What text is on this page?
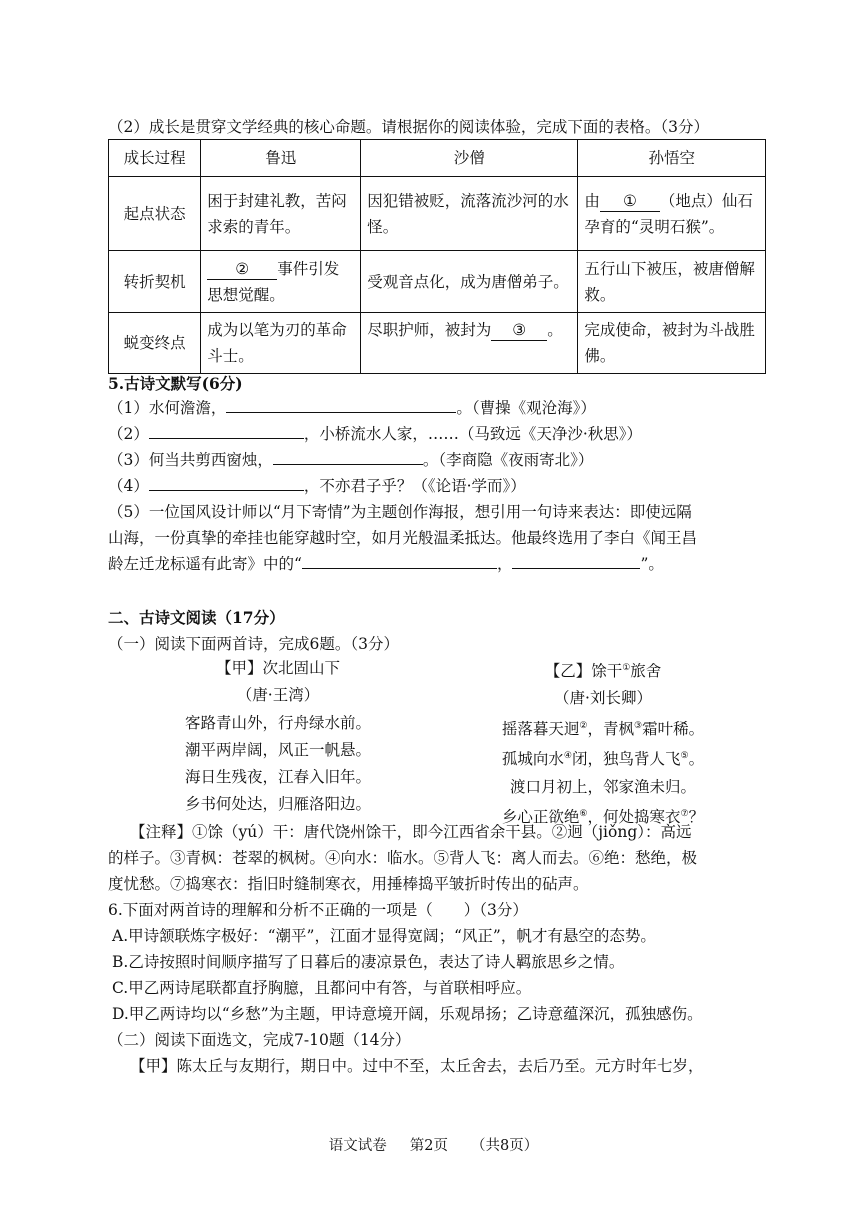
（2）成长是贯穿文学经典的核心命题。请根据你的阅读体验，完成下面的表格。（3分）
成长过程	鲁迅	沙僧	孙悟空
起点状态	困于封建礼教，苦闷求索的青年。	因犯错被贬，流落流沙河的水怪。	由 ① （地点）仙石孕育的“灵明石猴”。
转折契机	② 事件引发思想觉醒。	受观音点化，成为唐僧弟子。	五行山下被压，被唐僧解救。
蜕变终点	成为以笔为刃的革命斗士。	尽职护师，被封为 ③ 。	完成使命，被封为斗战胜佛。
5.古诗文默写(6分)
（1）水何澹澹，	。（曹操《观沧海》）
（2）	，小桥流水人家，……（马致远《天净沙·秋思》）
（3）何当共剪西窗烛，	。（李商隐《夜雨寄北》）
（4）	，不亦君子乎？（《论语·学而》）
（5）一位国风设计师以“月下寄情”为主题创作海报，想引用一句诗来表达：即使远隔
山海，一份真挚的牵挂也能穿越时空，如月光般温柔抵达。他最终选用了李白《闻王昌
龄左迁龙标遥有此寄》中的“	，	”。
二、古诗文阅读（17分）
（一）阅读下面两首诗，完成6题。（3分）
【甲】次北固山下
（唐·王湾）
客路青山外，行舟绿水前。
潮平两岸阔，风正一帆悬。
海日生残夜，江春入旧年。
乡书何处达，归雁洛阳边。
【乙】馀干①旅舍
（唐·刘长卿）
摇落暮天迥②，青枫③霜叶稀。
孤城向水④闭，独鸟背人飞⑤。
渡口月初上，邻家渔未归。
乡心正欲绝⑥，何处捣寒衣⑦？
【注释】①馀（yú）干：唐代饶州馀干，即今江西省余干县。②迥（jiǒng）：高远
的样子。③青枫：苍翠的枫树。④向水：临水。⑤背人飞：离人而去。⑥绝：愁绝，极
度忧愁。⑦捣寒衣：指旧时缝制寒衣，用捶棒捣平皱折时传出的砧声。
6.下面对两首诗的理解和分析不正确的一项是（　　）（3分）
A.甲诗颔联炼字极好：“潮平”，江面才显得宽阔；“风正”，帆才有悬空的态势。
B.乙诗按照时间顺序描写了日暮后的凄凉景色，表达了诗人羁旅思乡之情。
C.甲乙两诗尾联都直抒胸臆，且都问中有答，与首联相呼应。
D.甲乙两诗均以“乡愁”为主题，甲诗意境开阔，乐观昂扬；乙诗意蕴深沉，孤独感伤。
（二）阅读下面选文，完成7-10题（14分）
【甲】陈太丘与友期行，期日中。过中不至，太丘舍去，去后乃至。元方时年七岁，
语文试卷 第2页 （共8页）
